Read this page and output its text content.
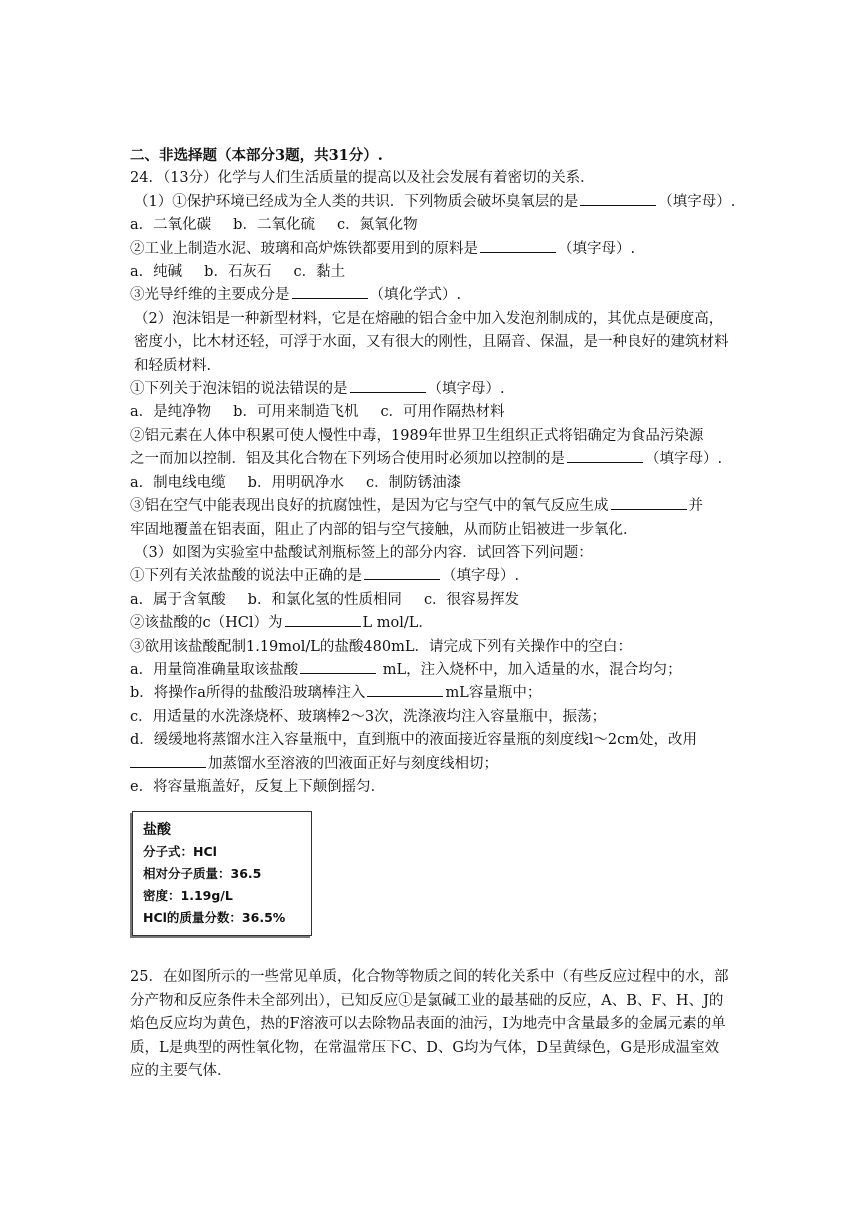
二、非选择题（本部分3题，共31分）.
24．（13分）化学与人们生活质量的提高以及社会发展有着密切的关系．
（1）①保护环境已经成为全人类的共识．下列物质会破坏臭氧层的是	（填字母）.
a．二氧化碳 b．二氧化硫 c．氮氧化物
②工业上制造水泥、玻璃和高炉炼铁都要用到的原料是	（填字母）.
a．纯碱 b．石灰石 c．黏土
③光导纤维的主要成分是	（填化学式）.
（2）泡沫铝是一种新型材料，它是在熔融的铝合金中加入发泡剂制成的，其优点是硬度高，密度小，比木材还轻，可浮于水面，又有很大的刚性，且隔音、保温，是一种良好的建筑材料和轻质材料．
①下列关于泡沫铝的说法错误的是	（填字母）.
a．是纯净物 b．可用来制造飞机 c．可用作隔热材料
②铝元素在人体中积累可使人慢性中毒，1989年世界卫生组织正式将铝确定为食品污染源
之一而加以控制．铝及其化合物在下列场合使用时必须加以控制的是	（填字母）.
a．制电线电缆 b．用明矾净水 c．制防锈油漆
③铝在空气中能表现出良好的抗腐蚀性，是因为它与空气中的氧气反应生成	并
牢固地覆盖在铝表面，阻止了内部的铝与空气接触，从而防止铝被进一步氧化．
（3）如图为实验室中盐酸试剂瓶标签上的部分内容．试回答下列问题：
①下列有关浓盐酸的说法中正确的是	（填字母）.
a．属于含氧酸 b．和氯化氢的性质相同 c．很容易挥发
②该盐酸的c（HCl）为	L mol/L．
③欲用该盐酸配制1.19mol/L的盐酸480mL．请完成下列有关操作中的空白：
a．用量筒准确量取该盐酸	mL，注入烧杯中，加入适量的水，混合均匀；
b．将操作a所得的盐酸沿玻璃棒注入	mL容量瓶中；
c．用适量的水洗涤烧杯、玻璃棒2～3次，洗涤液均注入容量瓶中，振荡；
d．缓缓地将蒸馏水注入容量瓶中，直到瓶中的液面接近容量瓶的刻度线l～2cm处，改用
加蒸馏水至溶液的凹液面正好与刻度线相切；
e．将容量瓶盖好，反复上下颠倒摇匀．
盐酸
分子式：HCl
相对分子质量：36.5
密度：1.19g/L
HCl的质量分数：36.5%
25．在如图所示的一些常见单质，化合物等物质之间的转化关系中（有些反应过程中的水，部分产物和反应条件未全部列出），已知反应①是氯碱工业的最基础的反应，A、B、F、H、J的焰色反应均为黄色，热的F溶液可以去除物品表面的油污，I为地壳中含量最多的金属元素的单质，L是典型的两性氧化物，在常温常压下C、D、G均为气体，D呈黄绿色，G是形成温室效应的主要气体．
